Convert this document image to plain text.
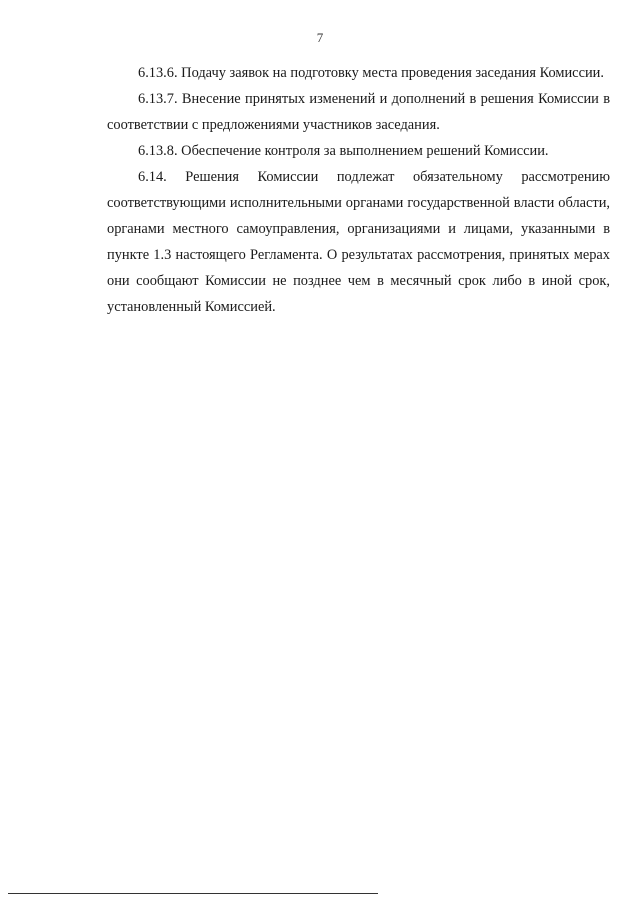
7

6.13.6. Подачу заявок на подготовку места проведения заседания Комиссии.

6.13.7. Внесение принятых изменений и дополнений в решения Комиссии в соответствии с предложениями участников заседания.

6.13.8. Обеспечение контроля за выполнением решений Комиссии.

6.14. Решения Комиссии подлежат обязательному рассмотрению соответствующими исполнительными органами государственной власти области, органами местного самоуправления, организациями и лицами, указанными в пункте 1.3 настоящего Регламента. О результатах рассмотрения, принятых мерах они сообщают Комиссии не позднее чем в месячный срок либо в иной срок, установленный Комиссией.
